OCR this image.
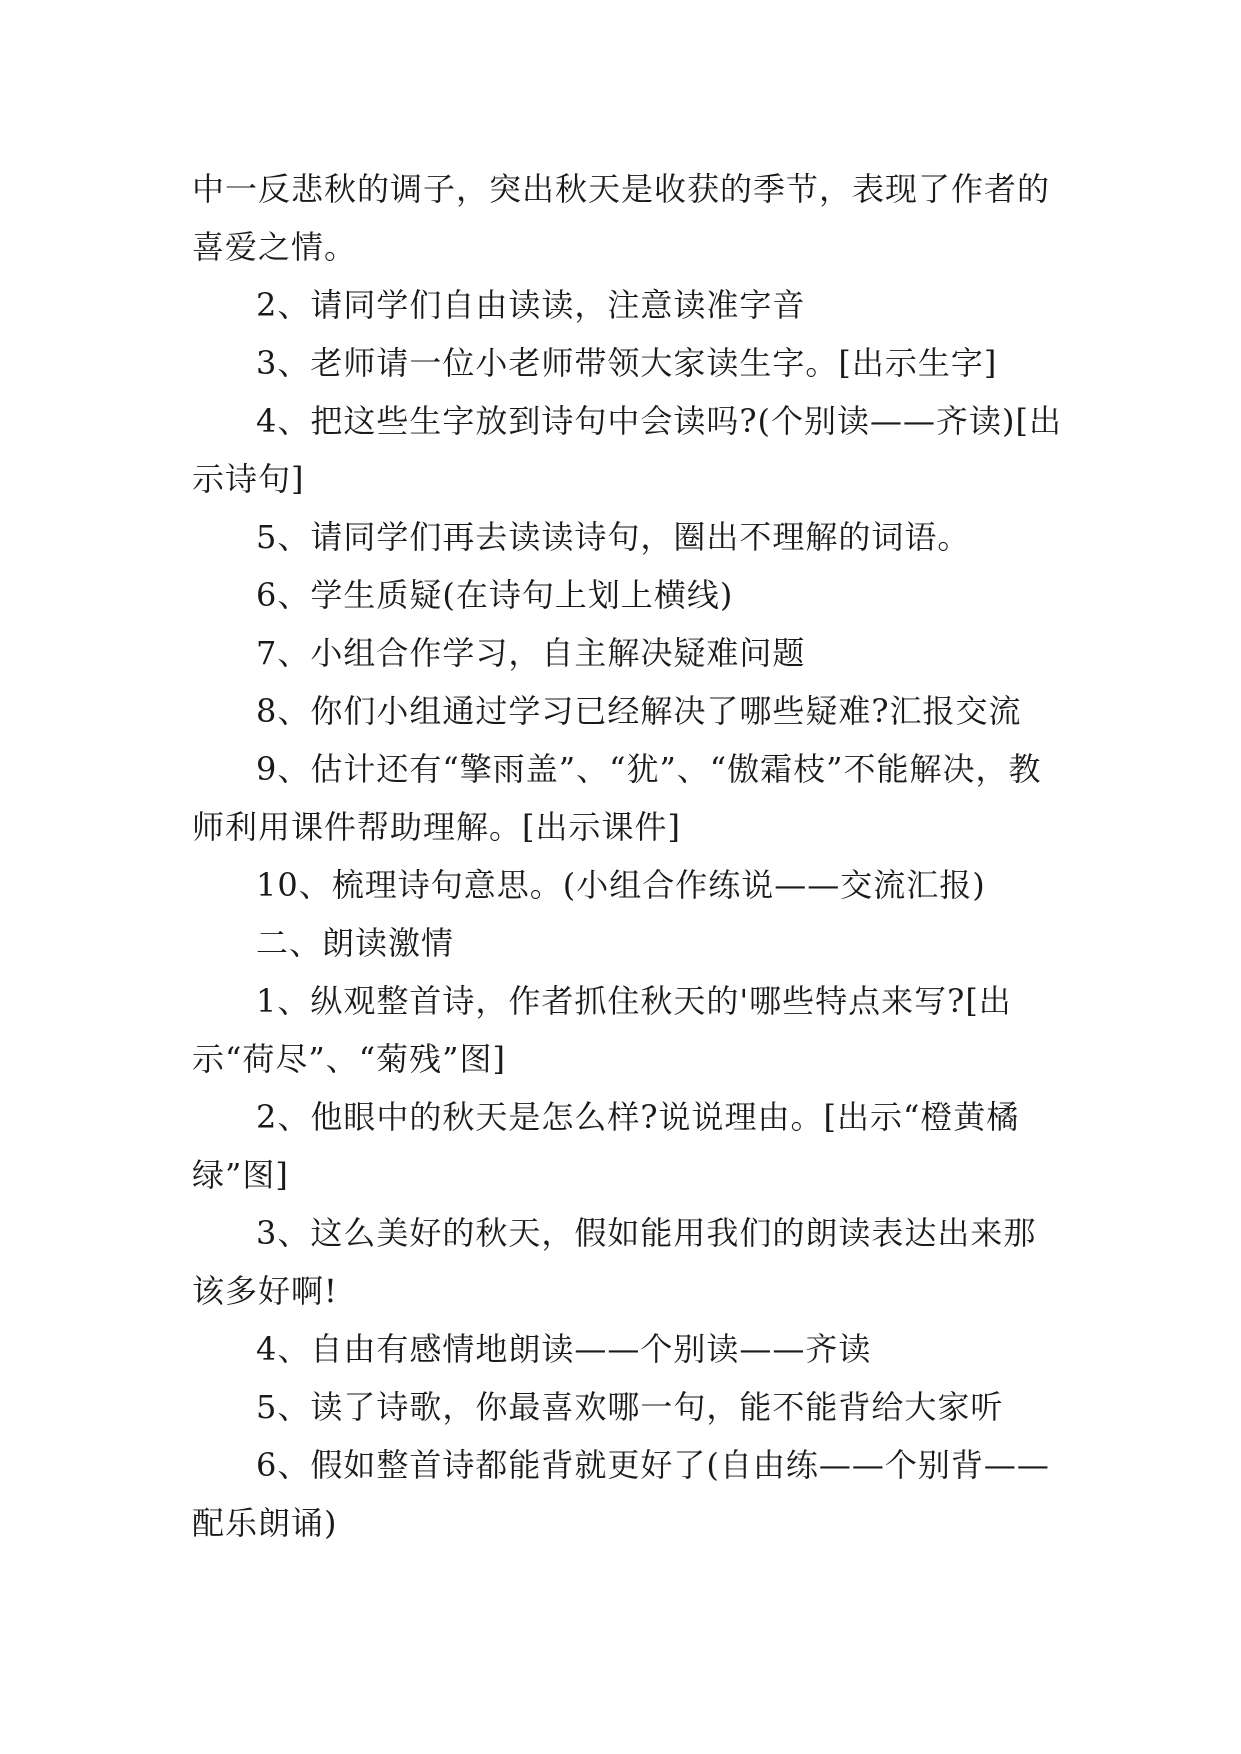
中一反悲秋的调子，突出秋天是收获的季节，表现了作者的喜爱之情。

2、请同学们自由读读，注意读准字音

3、老师请一位小老师带领大家读生字。[出示生字]

4、把这些生字放到诗句中会读吗?(个别读——齐读)[出示诗句]

5、请同学们再去读读诗句，圈出不理解的词语。

6、学生质疑(在诗句上划上横线)

7、小组合作学习，自主解决疑难问题

8、你们小组通过学习已经解决了哪些疑难?汇报交流

9、估计还有“擎雨盖”、“犹”、“傲霜枝”不能解决，教师利用课件帮助理解。[出示课件]

10、梳理诗句意思。(小组合作练说——交流汇报)

二、朗读激情

1、纵观整首诗，作者抓住秋天的'哪些特点来写?[出示“荷尽”、“菊残”图]

2、他眼中的秋天是怎么样?说说理由。[出示“橙黄橘绿”图]

3、这么美好的秋天，假如能用我们的朗读表达出来那该多好啊!

4、自由有感情地朗读——个别读——齐读

5、读了诗歌，你最喜欢哪一句，能不能背给大家听

6、假如整首诗都能背就更好了(自由练——个别背——配乐朗诵)
